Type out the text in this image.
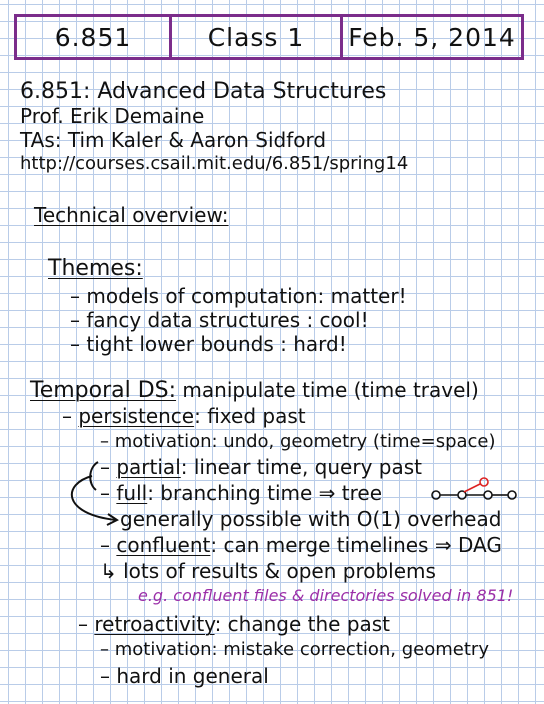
6.851	Class 1	Feb. 5, 2014
6.851: Advanced Data Structures
Prof. Erik Demaine
TAs: Tim Kaler & Aaron Sidford
http://courses.csail.mit.edu/6.851/spring14
Technical overview:
Themes:
– models of computation: matter!
– fancy data structures : cool!
– tight lower bounds : hard!
Temporal DS: manipulate time (time travel)
– persistence: fixed past
– motivation: undo, geometry (time=space)
– partial: linear time, query past
– full: branching time ⇒ tree
generally possible with O(1) overhead
– confluent: can merge timelines ⇒ DAG
↳ lots of results & open problems
e.g. confluent files & directories solved in 851!
– retroactivity: change the past
– motivation: mistake correction, geometry
– hard in general
